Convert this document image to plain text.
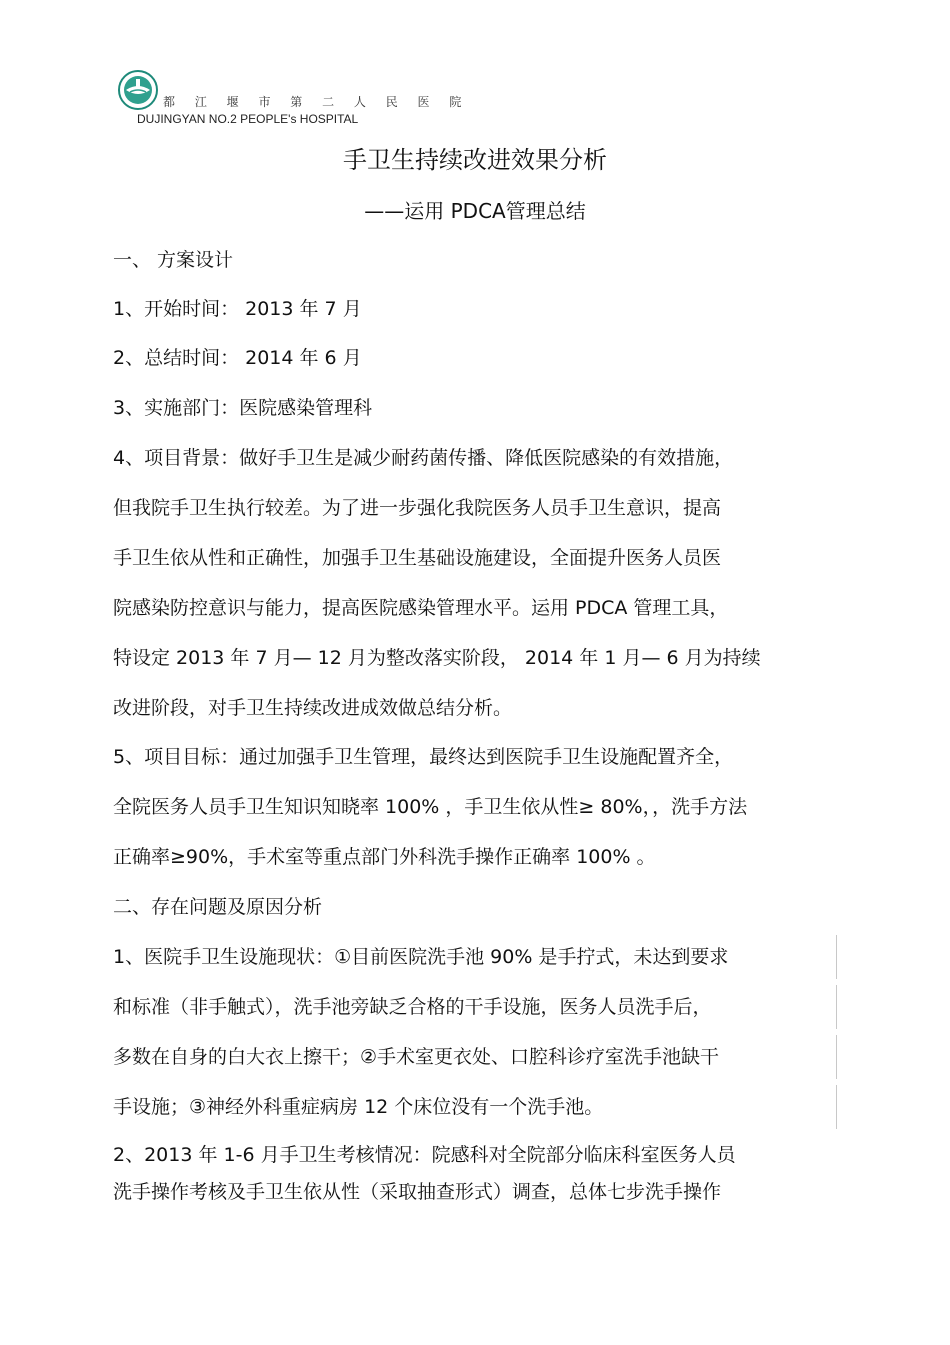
都 江 堰 市 第 二 人 民 医 院
DUJINGYAN NO.2 PEOPLE's HOSPITAL
手卫生持续改进效果分析
——运用 PDCA管理总结
一、 方案设计
1、开始时间： 2013 年 7 月
2、总结时间： 2014 年 6 月
3、实施部门：医院感染管理科
4、项目背景：做好手卫生是减少耐药菌传播、降低医院感染的有效措施，
但我院手卫生执行较差。为了进一步强化我院医务人员手卫生意识，提高
手卫生依从性和正确性，加强手卫生基础设施建设，全面提升医务人员医
院感染防控意识与能力，提高医院感染管理水平。运用 PDCA 管理工具，
特设定 2013 年 7 月— 12 月为整改落实阶段， 2014 年 1 月— 6 月为持续
改进阶段，对手卫生持续改进成效做总结分析。
5、项目目标：通过加强手卫生管理，最终达到医院手卫生设施配置齐全，
全院医务人员手卫生知识知晓率 100% ，手卫生依从性≥ 80%，，洗手方法
正确率≥90%，手术室等重点部门外科洗手操作正确率 100% 。
二、存在问题及原因分析
1、医院手卫生设施现状：①目前医院洗手池 90% 是手拧式，未达到要求
和标准（非手触式），洗手池旁缺乏合格的干手设施，医务人员洗手后，
多数在自身的白大衣上擦干；②手术室更衣处、口腔科诊疗室洗手池缺干
手设施；③神经外科重症病房 12 个床位没有一个洗手池。
2、2013 年 1-6 月手卫生考核情况：院感科对全院部分临床科室医务人员
洗手操作考核及手卫生依从性（采取抽查形式）调查，总体七步洗手操作
